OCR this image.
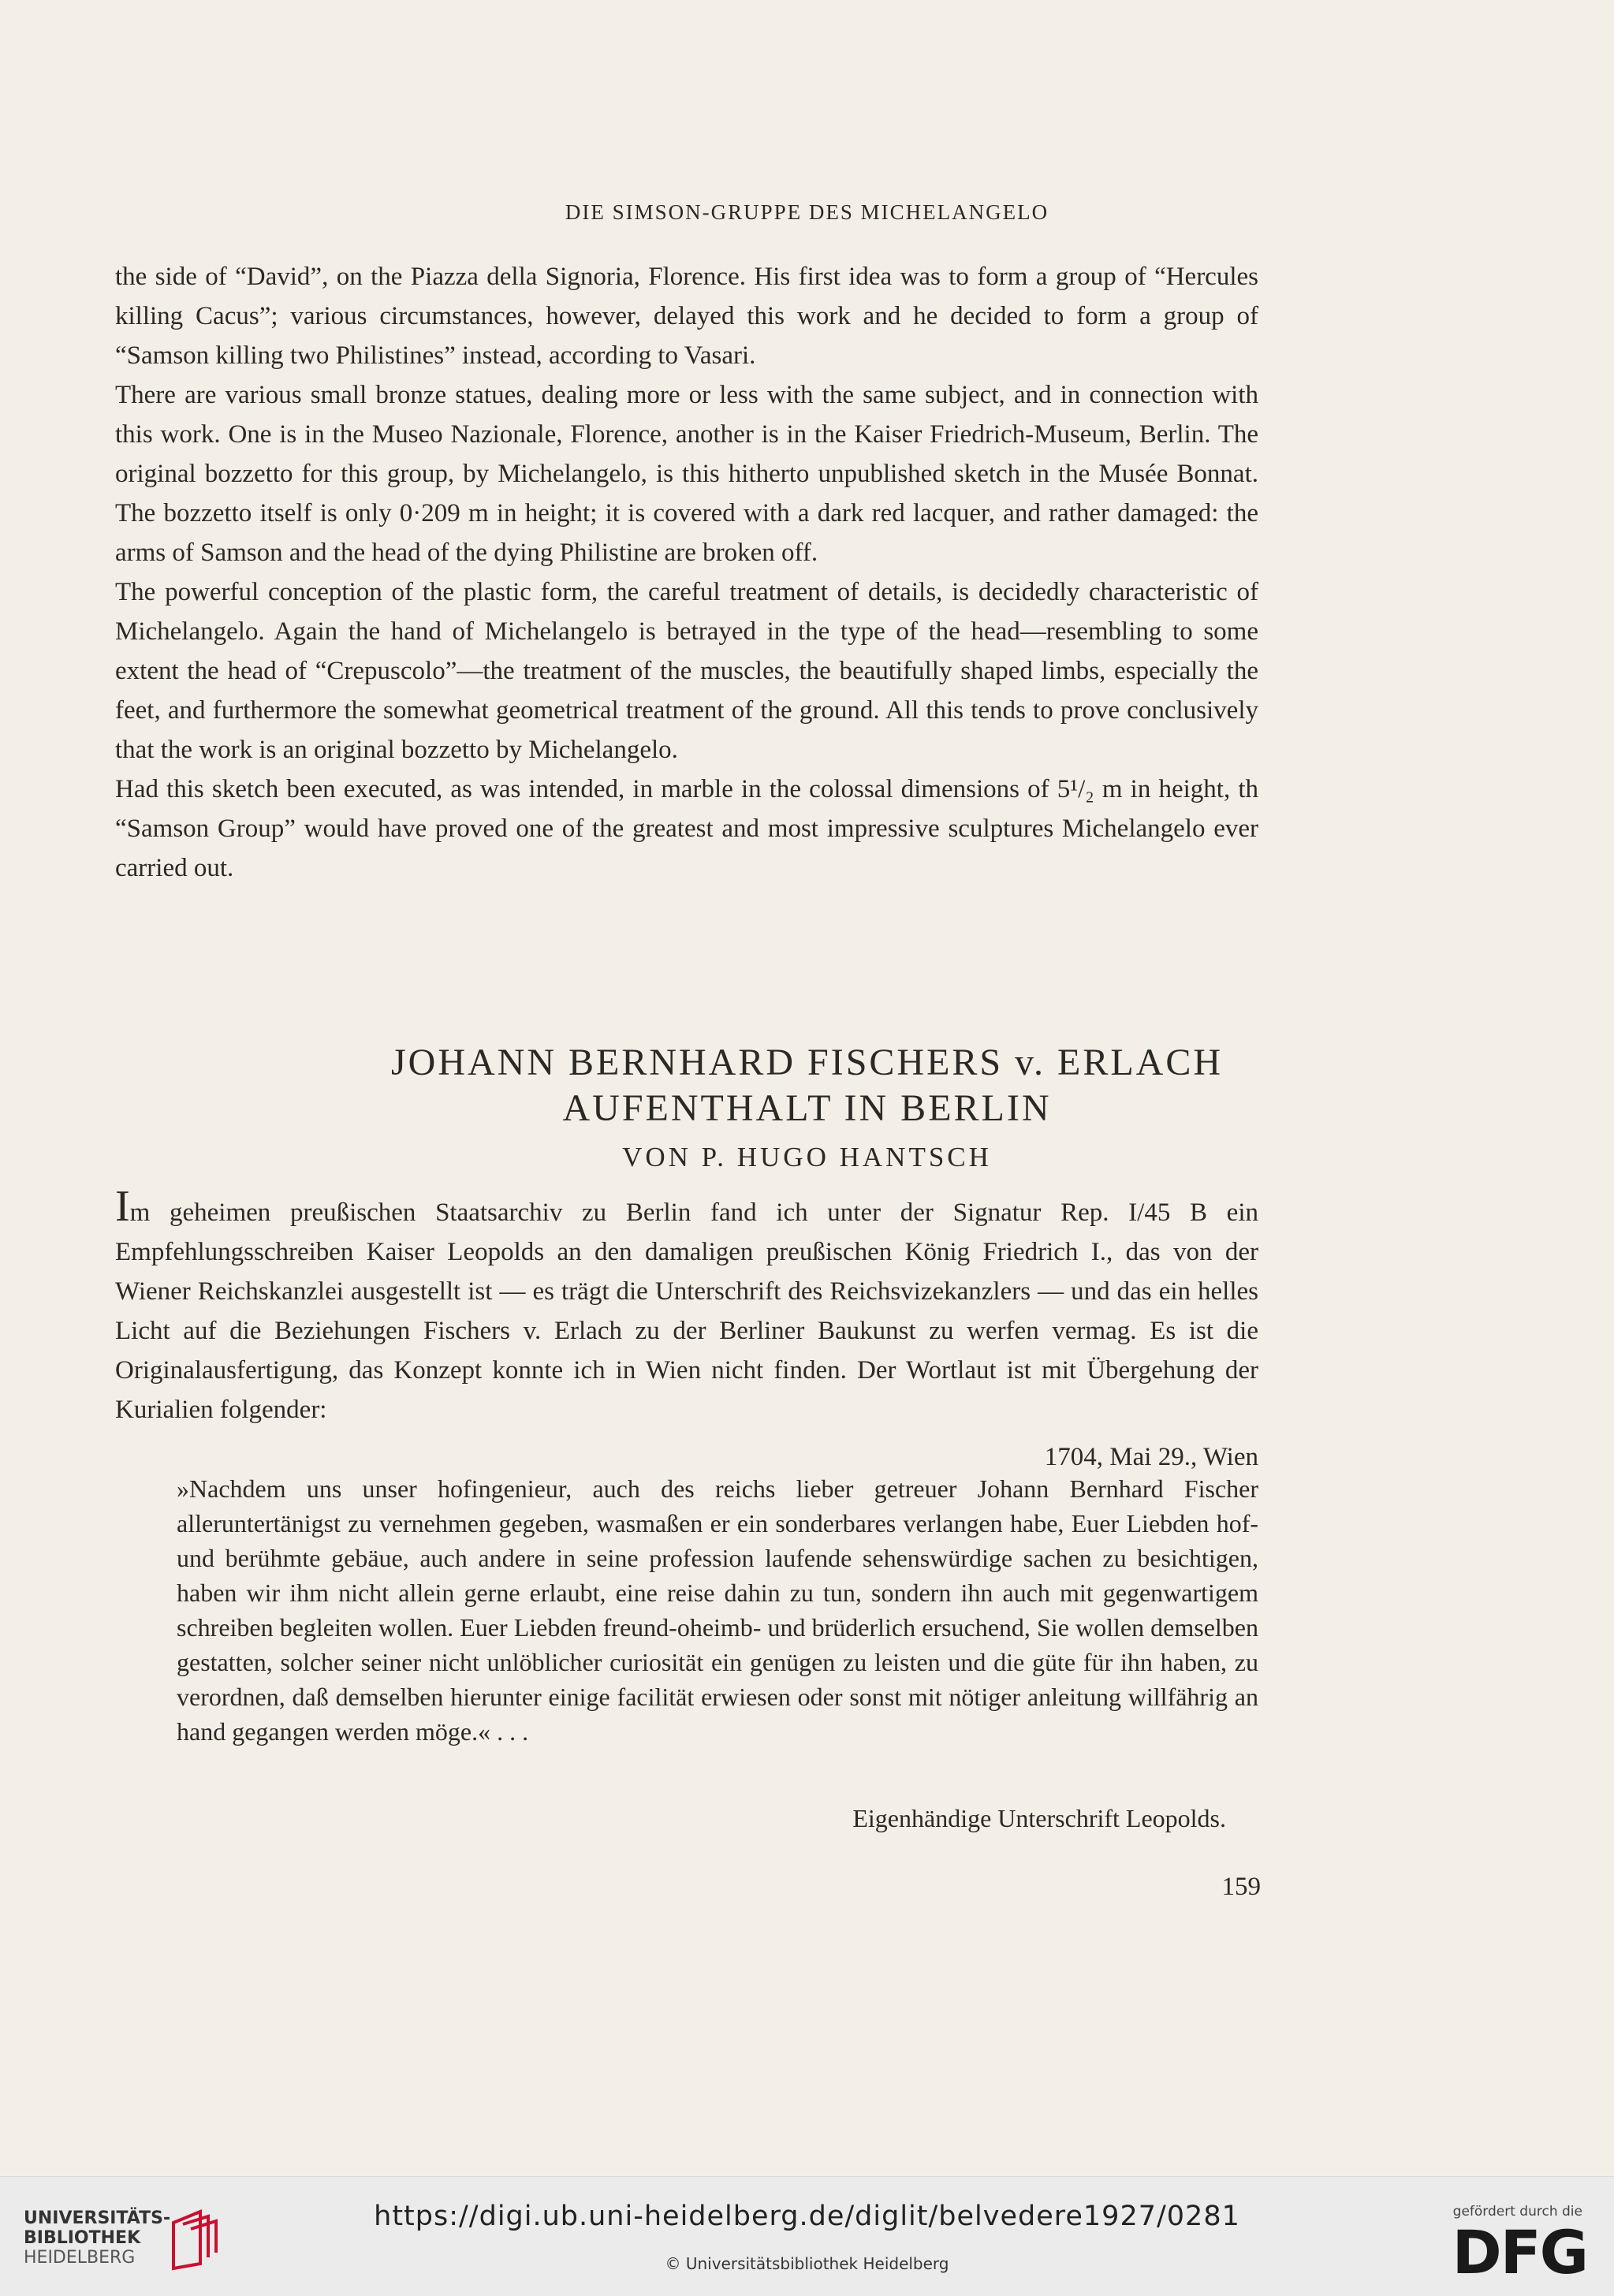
DIE SIMSON-GRUPPE DES MICHELANGELO

the side of “David”, on the Piazza della Signoria, Florence. His first idea was to form a group of “Hercules killing Cacus”; various circumstances, however, delayed this work and he decided to form a group of “Samson killing two Philistines” instead, according to Vasari.

There are various small bronze statues, dealing more or less with the same subject, and in connection with this work. One is in the Museo Nazionale, Florence, another is in the Kaiser Friedrich-Museum, Berlin. The original bozzetto for this group, by Michelangelo, is this hitherto unpublished sketch in the Musée Bonnat. The bozzetto itself is only 0·209 m in height; it is covered with a dark red lacquer, and rather damaged: the arms of Samson and the head of the dying Philistine are broken off.

The powerful conception of the plastic form, the careful treatment of details, is decidedly characteristic of Michelangelo. Again the hand of Michelangelo is betrayed in the type of the head—resembling to some extent the head of “Crepuscolo”—the treatment of the muscles, the beautifully shaped limbs, especially the feet, and furthermore the somewhat geometrical treatment of the ground. All this tends to prove conclusively that the work is an original bozzetto by Michelangelo.

Had this sketch been executed, as was intended, in marble in the colossal dimensions of 5¹/₂ m in height, th “Samson Group” would have proved one of the greatest and most impressive sculptures Michelangelo ever carried out.

JOHANN BERNHARD FISCHERS v. ERLACH
AUFENTHALT IN BERLIN
VON P. HUGO HANTSCH

Im geheimen preußischen Staatsarchiv zu Berlin fand ich unter der Signatur Rep. I/45 B ein Empfehlungsschreiben Kaiser Leopolds an den damaligen preußischen König Friedrich I., das von der Wiener Reichskanzlei ausgestellt ist — es trägt die Unterschrift des Reichsvizekanzlers — und das ein helles Licht auf die Beziehungen Fischers v. Erlach zu der Berliner Baukunst zu werfen vermag. Es ist die Originalausfertigung, das Konzept konnte ich in Wien nicht finden. Der Wortlaut ist mit Übergehung der Kurialien folgender:

1704, Mai 29., Wien

»Nachdem uns unser hofingenieur, auch des reichs lieber getreuer Johann Bernhard Fischer alleruntertänigst zu vernehmen gegeben, wasmaßen er ein sonderbares verlangen habe, Euer Liebden hof- und berühmte gebäue, auch andere in seine profession laufende sehenswürdige sachen zu besichtigen, haben wir ihm nicht allein gerne erlaubt, eine reise dahin zu tun, sondern ihn auch mit gegenwartigem schreiben begleiten wollen. Euer Liebden freund-oheimb- und brüderlich ersuchend, Sie wollen demselben gestatten, solcher seiner nicht unlöblicher curiosität ein genügen zu leisten und die güte für ihn haben, zu verordnen, daß demselben hierunter einige facilität erwiesen oder sonst mit nötiger anleitung willfährig an hand gegangen werden möge.« . . .
Eigenhändige Unterschrift Leopolds.
159
UNIVERSITÄTS-
BIBLIOTHEK
HEIDELBERG
https://digi.ub.uni-heidelberg.de/diglit/belvedere1927/0281
© Universitätsbibliothek Heidelberg
gefördert durch die
DFG
